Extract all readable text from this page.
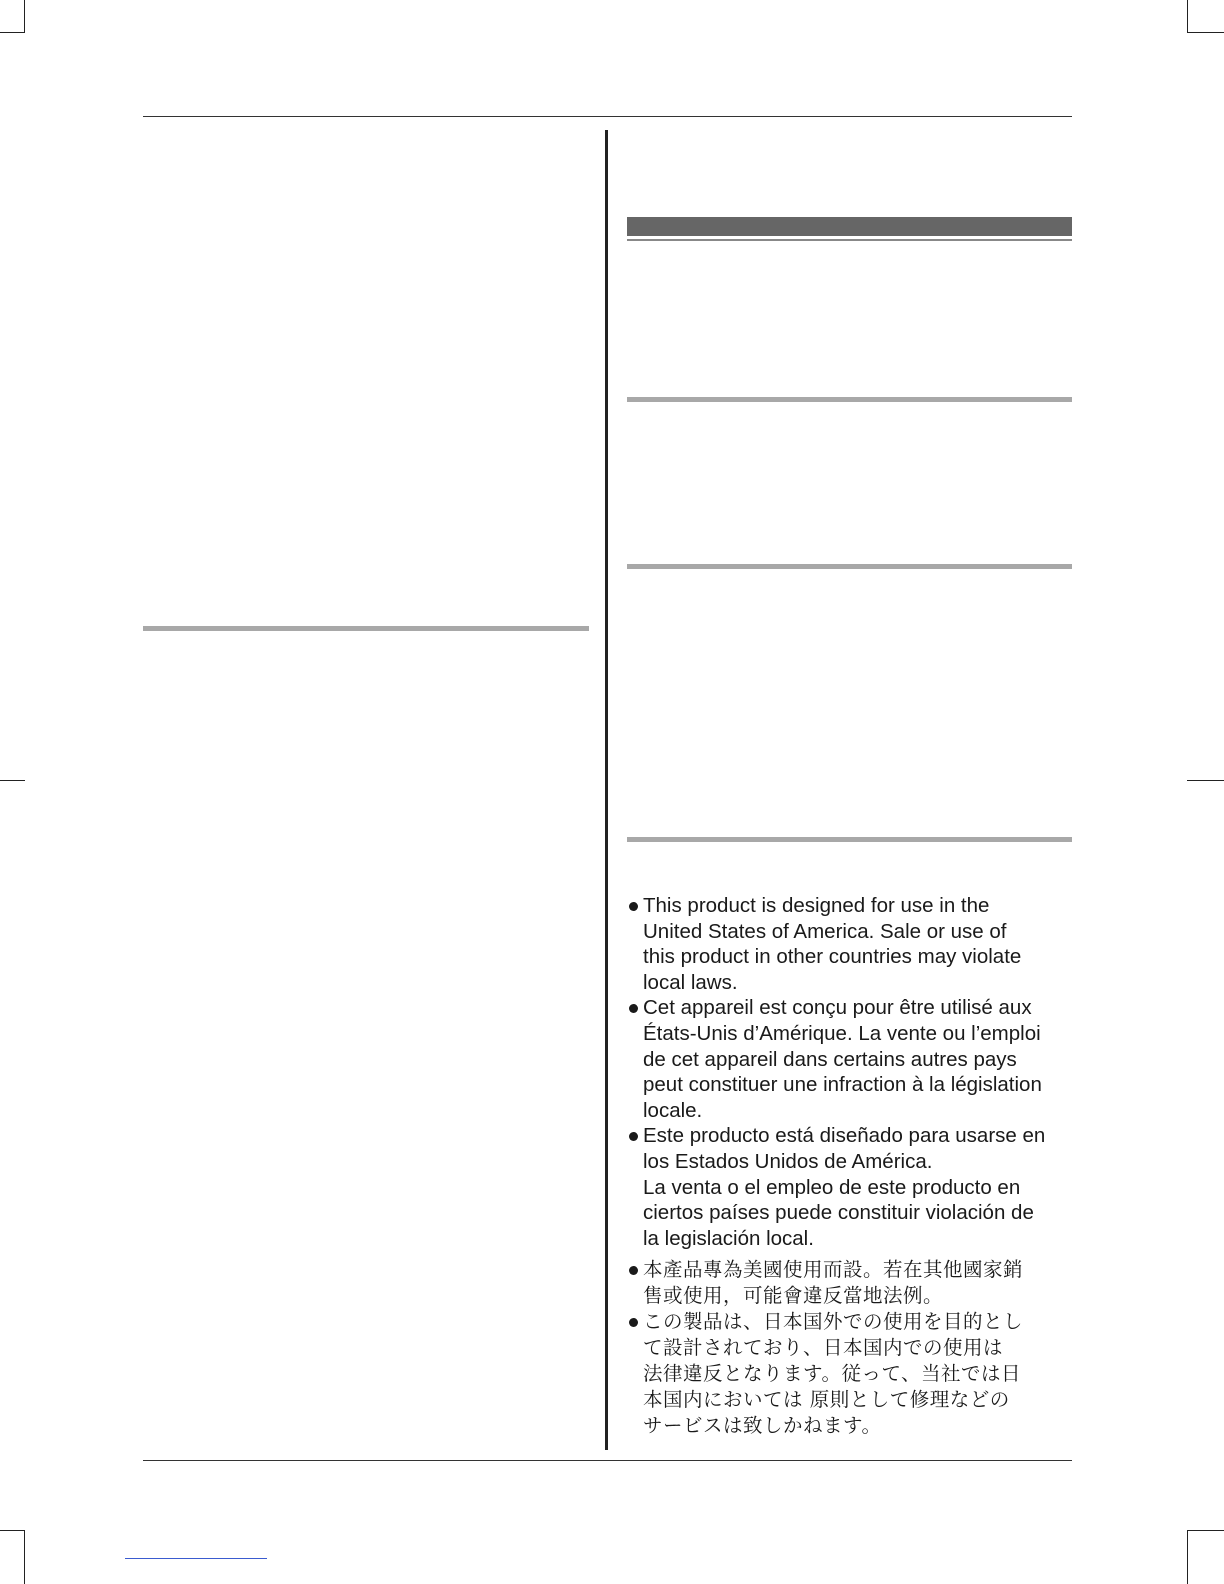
This product is designed for use in the
United States of America. Sale or use of
this product in other countries may violate
local laws.
Cet appareil est conçu pour être utilisé aux
États-Unis d’Amérique. La vente ou l’emploi
de cet appareil dans certains autres pays
peut constituer une infraction à la législation
locale.
Este producto está diseñado para usarse en
los Estados Unidos de América.
La venta o el empleo de este producto en
ciertos países puede constituir violación de
la legislación local.
本產品專為美國使用而設。若在其他國家銷
售或使用，可能會違反當地法例。
この製品は、日本国外での使用を目的とし
て設計されており、日本国内での使用は
法律違反となります。従って、当社では日
本国内においては 原則として修理などの
サービスは致しかねます。
